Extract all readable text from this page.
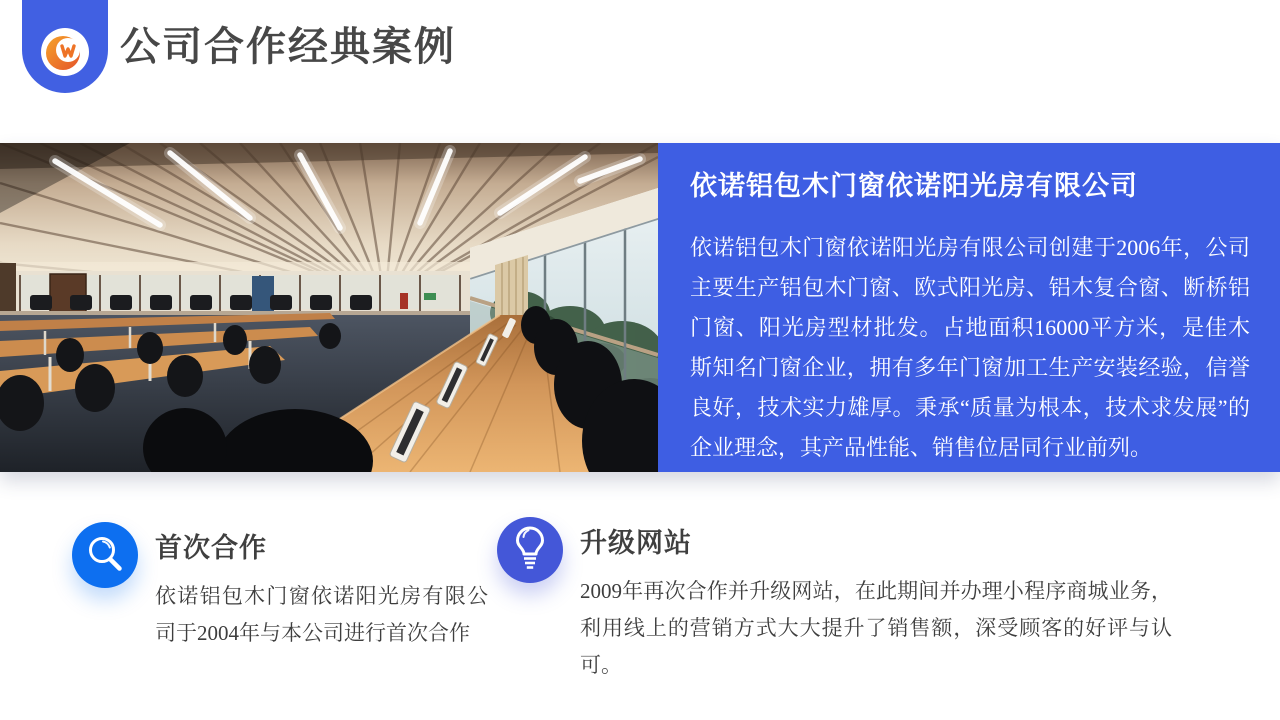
公司合作经典案例
依诺铝包木门窗依诺阳光房有限公司
依诺铝包木门窗依诺阳光房有限公司创建于2006年，公司主要生产铝包木门窗、欧式阳光房、铝木复合窗、断桥铝门窗、阳光房型材批发。占地面积16000平方米，是佳木斯知名门窗企业，拥有多年门窗加工生产安装经验，信誉良好，技术实力雄厚。秉承“质量为根本，技术求发展”的企业理念，其产品性能、销售位居同行业前列。
首次合作
依诺铝包木门窗依诺阳光房有限公司于2004年与本公司进行首次合作
升级网站
2009年再次合作并升级网站，在此期间并办理小程序商城业务，利用线上的营销方式大大提升了销售额，深受顾客的好评与认可。
